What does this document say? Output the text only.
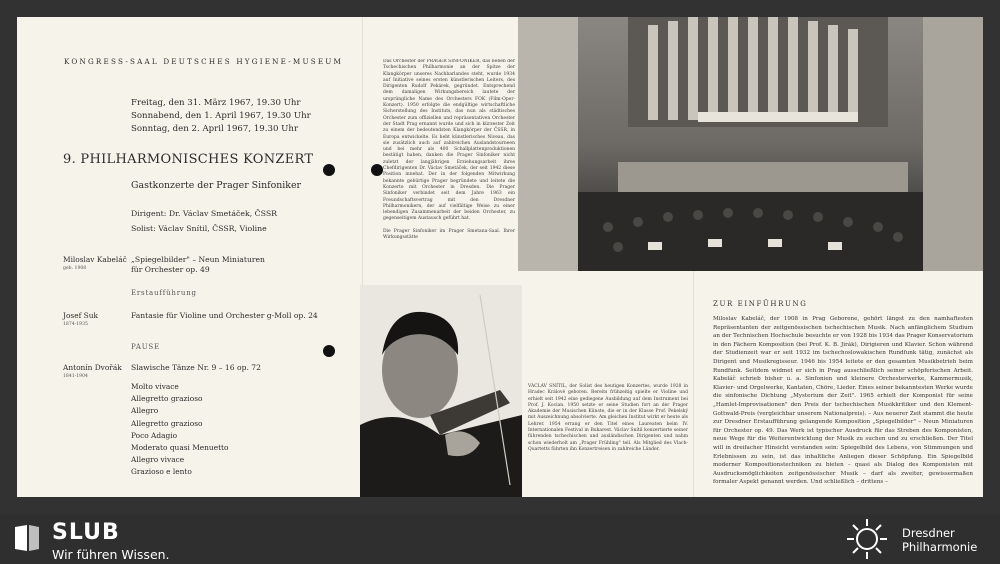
KONGRESS-SAAL DEUTSCHES HYGIENE-MUSEUM
Freitag, den 31. März 1967, 19.30 Uhr
Sonnabend, den 1. April 1967, 19.30 Uhr
Sonntag, den 2. April 1967, 19.30 Uhr
9. PHILHARMONISCHES KONZERT
Gastkonzerte der Prager Sinfoniker
Dirigent: Dr. Václav Smetáček, ČSSR
Solist: Václav Snítil, ČSSR, Violine
Miloslav Kabeláč
geb. 1908
„Spiegelbilder" – Neun Miniaturen
für Orchester op. 49
Erstaufführung
Josef Suk
1874-1935
Fantasie für Violine und Orchester g-Moll op. 24
PAUSE
Antonín Dvořák
1841-1904
Slawische Tänze Nr. 9 – 16 op. 72
Molto vivace
Allegretto grazioso
Allegro
Allegretto grazioso
Poco Adagio
Moderato quasi Menuetto
Allegro vivace
Grazioso e lento
Das Orchester der PRAGER SINFONIKER, das neben der Tschechischen Philharmonie an der Spitze der Klangkörper unseres Nachbarlandes steht, wurde 1934 auf Initiative seines ersten künstlerischen Leiters, des Dirigenten Rudolf Pekárek, gegründet. Entsprechend dem damaligen Wirkungsbereich lautete der ursprüngliche Name des Orchesters FOK (Film-Oper-Konzert). 1950 erfolgte die endgültige wirtschaftliche Sicherstellung des Instituts, das nun als städtisches Orchester zum offiziellen und repräsentativen Orchester der Stadt Prag ernannt wurde und sich in kürzester Zeit zu einem der bedeutendsten Klangkörper der ČSSR, in Europa entwickelte. Es hebt künstlerisches Niveau, das sie zusätzlich auch auf zahlreichen Auslandstourneen und bei mehr als 400 Schallplattenproduktionen bestätigt haben, danken die Prager Sinfoniker nicht zuletzt der langjährigen Erziehungsarbeit ihres Chefdirigenten Dr. Václav Smetáček, der seit 1942 diese Position innehat. Der in der folgenden Mitwirkung bekannte gebürtige Prager begründete und leitete die Konzerte mit Orchester in Dresden. Die Prager Sinfoniker verbindet seit dem Jahre 1963 ein Freundschaftsvertrag mit den Dresdner Philharmonikern, der auf vielfältige Weise zu einer lebendigen Zusammenarbeit der beiden Orchester, zu gegenseitigem Austausch geführt hat.
Die Prager Sinfoniker im Prager Smetana-Saal. Ihrer Wirkungsstätte
VÁCLAV SNÍTIL, der Solist des heutigen Konzertes, wurde 1928 in Hradec Králové geboren. Bereits frühzeitig spielte er Violine und erhielt seit 1942 eine gediegene Ausbildung auf dem Instrument bei Prof. J. Kocian. 1950 setzte er seine Studien fort an der Prager Akademie der Musischen Künste, die er in der Klasse Prof. Pekelský mit Auszeichnung absolvierte. Am gleichen Institut wirkt er heute als Lehrer. 1954 errang er den Titel eines Laureaten beim IV. Internationalen Festival in Bukarest. Václav Snítil konzertierte seiner führenden tschechischen und ausländischen Dirigenten und nahm schon wiederholt am „Prager Frühling" teil. Als Mitglied des Vlach-Quartetts führten ihn Konzertreisen in zahlreiche Länder.
ZUR EINFÜHRUNG
Miloslav Kabeláč, der 1908 in Prag Geborene, gehört längst zu den namhaftesten Repräsentanten der zeitgenössischen tschechischen Musik. Nach anfänglichem Studium an der Technischen Hochschule besuchte er von 1928 bis 1934 das Prager Konservatorium in den Fächern Komposition (bei Prof. K. B. Jirák), Dirigieren und Klavier. Schon während der Studienzeit war er seit 1932 im tschechoslowakischen Rundfunk tätig, zunächst als Dirigent und Musikregisseur. 1946 bis 1954 leitete er den gesamten Musikbetrieb beim Rundfunk. Seitdem widmet er sich in Prag ausschließlich seiner schöpferischen Arbeit. Kabeláč schrieb bisher u. a. Sinfonien und kleinere Orchesterwerke, Kammermusik, Klavier- und Orgelwerke, Kantaten, Chöre, Lieder. Eines seiner bekanntesten Werke wurde die sinfonische Dichtung „Mysterium der Zeit". 1965 erhielt der Komponist für seine „Hamlet-Improvisationen" den Preis der tschechischen Musikkritiker und den Klement-Gottwald-Preis (vergleichbar unserem Nationalpreis). – Aus neuerer Zeit stammt die heute zur Dresdner Erstaufführung gelangende Komposition „Spiegelbilder" – Neun Miniaturen für Orchester op. 49. Das Werk ist typischer Ausdruck für das Streben des Komponisten, neue Wege für die Weiterentwicklung der Musik zu suchen und zu erschließen. Der Titel will in dreifacher Hinsicht verstanden sein: Spiegelbild des Lebens, von Stimmungen und Erlebnissen zu sein, ist das inhaltliche Anliegen dieser Schöpfung. Ein Spiegelbild moderner Kompositionstechniken zu bieten – quasi als Dialog des Komponisten mit Ausdrucksmöglichkeiten zeitgenössischer Musik – darf als zweiter, gewissermaßen formaler Aspekt genannt werden. Und schließlich – drittens –
SLUB
Wir führen Wissen.
Dresdner
Philharmonie
